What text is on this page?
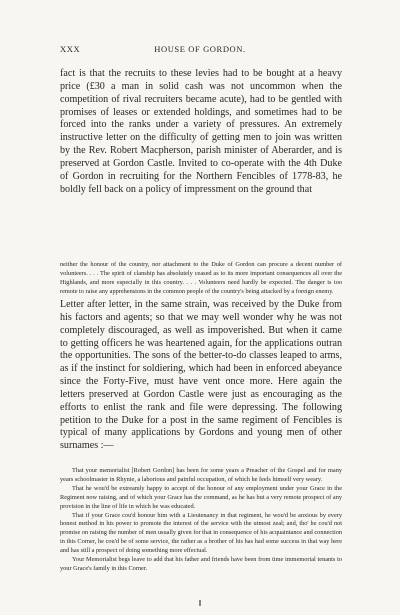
XXX	HOUSE OF GORDON.

fact is that the recruits to these levies had to be bought at a heavy price (£30 a man in solid cash was not uncommon when the competition of rival recruiters became acute), had to be gentled with promises of leases or extended holdings, and sometimes had to be forced into the ranks under a variety of pressures. An extremely instructive letter on the difficulty of getting men to join was written by the Rev. Robert Macpherson, parish minister of Aberarder, and is preserved at Gordon Castle. Invited to co-operate with the 4th Duke of Gordon in recruiting for the Northern Fencibles of 1778-83, he boldly fell back on a policy of impressment on the ground that

neither the honour of the country, nor attachment to the Duke of Gordon can procure a decent number of volunteers. . . . The spirit of clanship has absolutely ceased as to its more important consequences all over the Highlands, and more especially in this country. . . . Volunteers need hardly be expected. The danger is too remote to raise any apprehensions in the common people of the country's being attacked by a foreign enemy.

Letter after letter, in the same strain, was received by the Duke from his factors and agents; so that we may well wonder why he was not completely discouraged, as well as impoverished. But when it came to getting officers he was heartened again, for the applications outran the opportunities. The sons of the better-to-do classes leaped to arms, as if the instinct for soldiering, which had been in enforced abeyance since the Forty-Five, must have vent once more. Here again the letters preserved at Gordon Castle were just as encouraging as the efforts to enlist the rank and file were depressing. The following petition to the Duke for a post in the same regiment of Fencibles is typical of many applications by Gordons and young men of other surnames :—

That your memorialist [Robert Gordon] has been for some years a Preacher of the Gospel and for many years schoolmaster in Rhynie, a laborious and painful occupation, of which he feels himself very weary.

That he wou'd be extreamly happy to accept of the honour of any employment under your Grace in the Regiment now raising, and of which your Grace has the command, as he has but a very remote prospect of any provision in the line of life in which he was educated.

That if your Grace cou'd honour him with a Lieutenancy in that regiment, he wou'd be anxious by every honest method in his power to promote the interest of the service with the utmost zeal; and, tho' he cou'd not promise on raising the number of men usually given for that in consequence of his acquaintance and connection in this Corner, he cou'd be of some service, the rather as a brother of his has had some success in that way here and has still a prospect of doing something more effectual.

Your Memorialist begs leave to add that his father and friends have been from time immemorial tenants to your Grace's family in this Corner.
